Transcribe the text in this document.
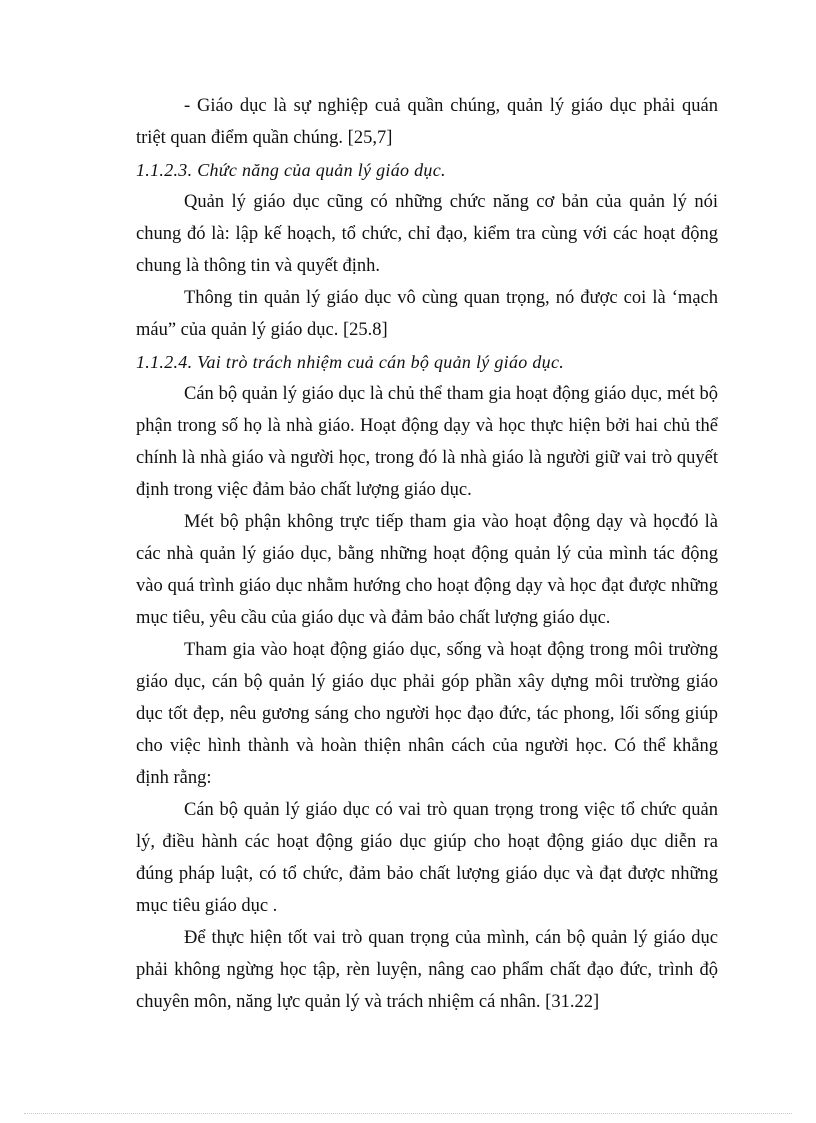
- Giáo dục là sự nghiệp cuả quần chúng, quản lý giáo dục phải quán triệt quan điểm quần chúng. [25,7]

1.1.2.3. Chức năng của quản lý giáo dục.

Quản lý giáo dục cũng có những chức năng cơ bản của quản lý nói chung đó là: lập kế hoạch, tổ chức, chỉ đạo, kiểm tra cùng với các hoạt động chung là thông tin và quyết định.

Thông tin quản lý giáo dục vô cùng quan trọng, nó được coi là ‘mạch máu” của quản lý giáo dục. [25.8]

1.1.2.4. Vai trò trách nhiệm cuả cán bộ quản lý giáo dục.

Cán bộ quản lý giáo dục là chủ thể tham gia hoạt động giáo dục, mét bộ phận trong số họ là nhà giáo. Hoạt động dạy và học thực hiện bởi hai chủ thể chính là nhà giáo và người học, trong đó là nhà giáo là người giữ vai trò quyết định trong việc đảm bảo chất lượng giáo dục.

Mét bộ phận không trực tiếp tham gia vào hoạt động dạy và họcđó là các nhà quản lý giáo dục, bằng những hoạt động quản lý của mình tác động vào quá trình giáo dục nhằm hướng cho hoạt động dạy và học đạt được những mục tiêu, yêu cầu của giáo dục và đảm bảo chất lượng giáo dục.

Tham gia vào hoạt động giáo dục, sống và hoạt động trong môi trường giáo dục, cán bộ quản lý giáo dục phải góp phần xây dựng môi trường giáo dục tốt đẹp, nêu gương sáng cho người học đạo đức, tác phong, lối sống giúp cho việc hình thành và hoàn thiện nhân cách của người học. Có thể khẳng định rằng:

Cán bộ quản lý giáo dục có vai trò quan trọng trong việc tổ chức quản lý, điều hành các hoạt động giáo dục giúp cho hoạt động giáo dục diễn ra đúng pháp luật, có tổ chức, đảm bảo chất lượng giáo dục và đạt được những mục tiêu giáo dục .

Để thực hiện tốt vai trò quan trọng của mình, cán bộ quản lý giáo dục phải không ngừng học tập, rèn luyện, nâng cao phẩm chất đạo đức, trình độ chuyên môn, năng lực quản lý và trách nhiệm cá nhân. [31.22]
